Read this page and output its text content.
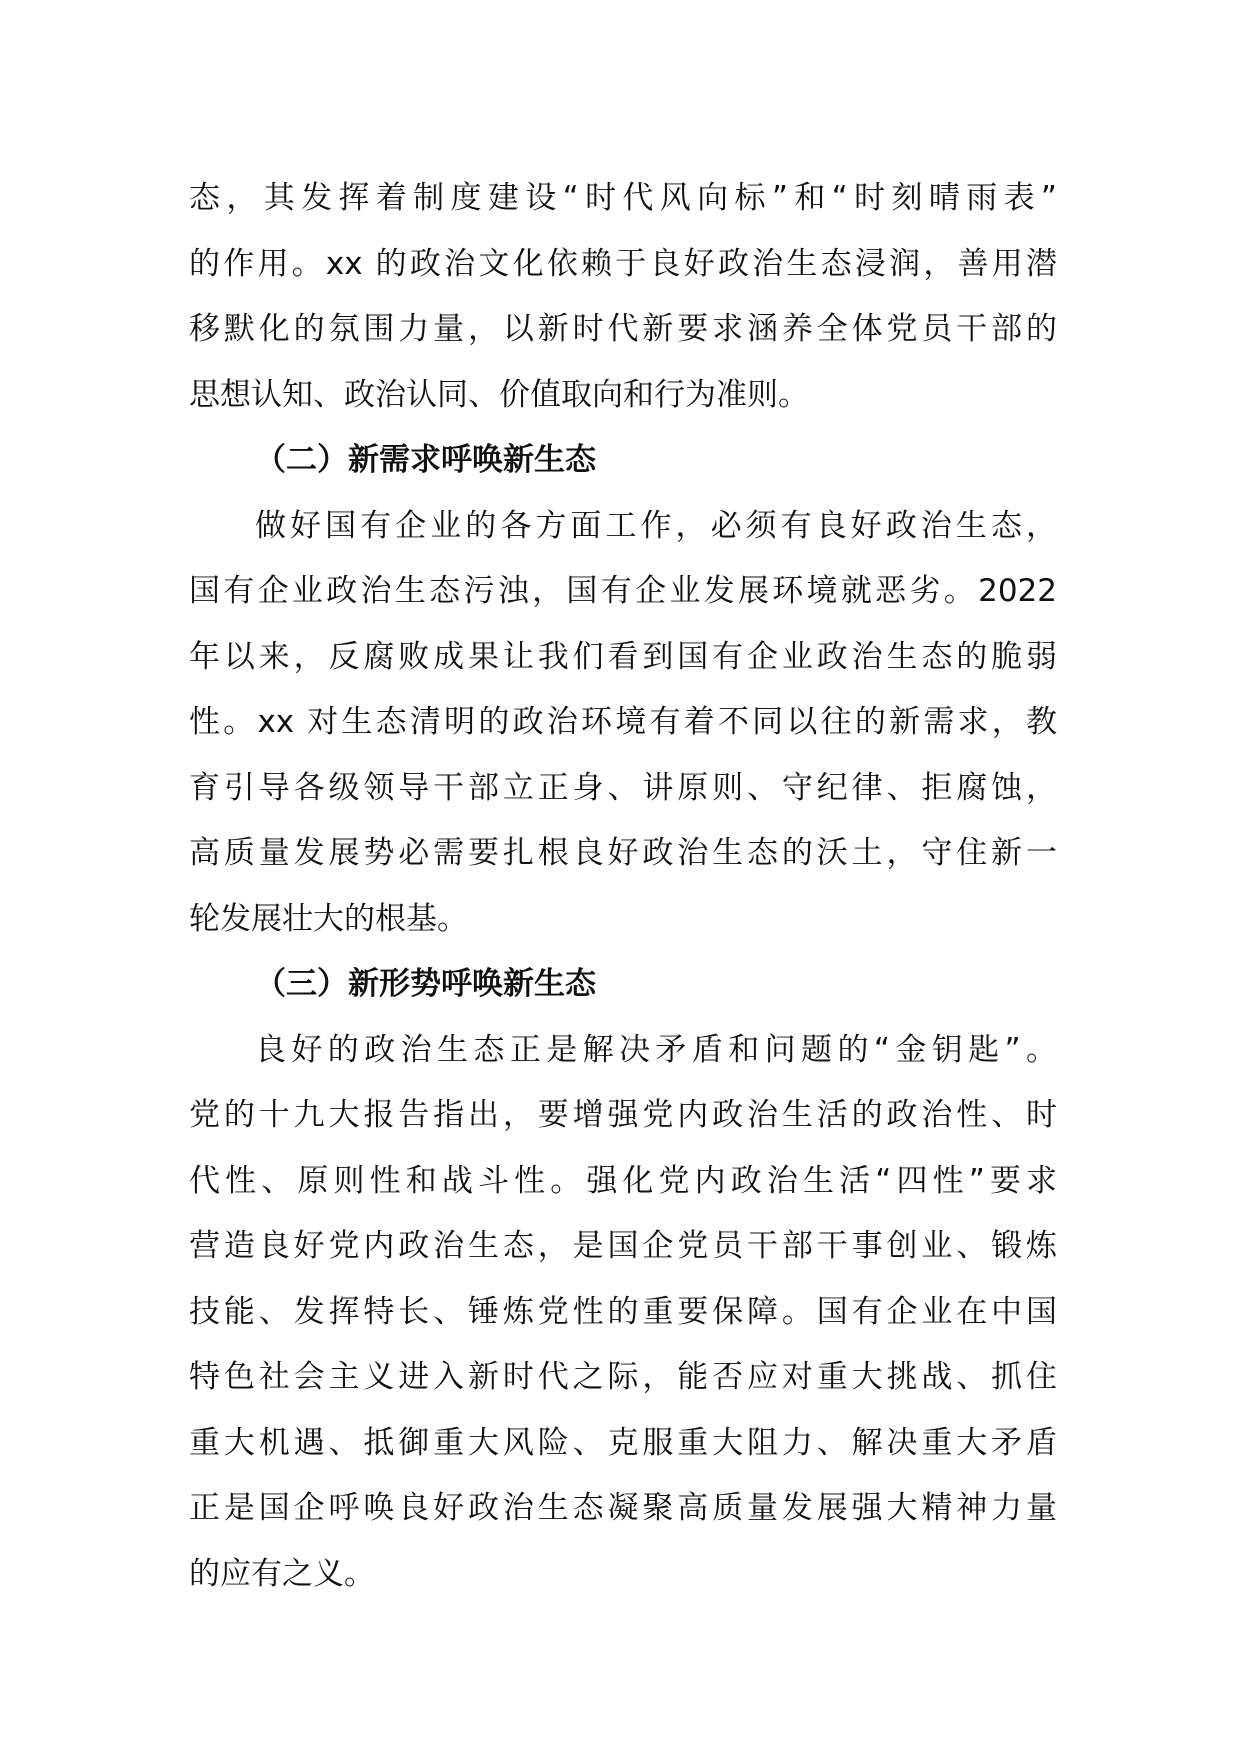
态，其发挥着制度建设“时代风向标”和“时刻晴雨表”
的作用。xx 的政治文化依赖于良好政治生态浸润，善用潜
移默化的氛围力量，以新时代新要求涵养全体党员干部的
思想认知、政治认同、价值取向和行为准则。
（二）新需求呼唤新生态
做好国有企业的各方面工作，必须有良好政治生态，
国有企业政治生态污浊，国有企业发展环境就恶劣。2022
年以来，反腐败成果让我们看到国有企业政治生态的脆弱
性。xx 对生态清明的政治环境有着不同以往的新需求，教
育引导各级领导干部立正身、讲原则、守纪律、拒腐蚀，
高质量发展势必需要扎根良好政治生态的沃土，守住新一
轮发展壮大的根基。
（三）新形势呼唤新生态
良好的政治生态正是解决矛盾和问题的“金钥匙”。
党的十九大报告指出，要增强党内政治生活的政治性、时
代性、原则性和战斗性。强化党内政治生活“四性”要求
营造良好党内政治生态，是国企党员干部干事创业、锻炼
技能、发挥特长、锤炼党性的重要保障。国有企业在中国
特色社会主义进入新时代之际，能否应对重大挑战、抓住
重大机遇、抵御重大风险、克服重大阻力、解决重大矛盾
正是国企呼唤良好政治生态凝聚高质量发展强大精神力量
的应有之义。
